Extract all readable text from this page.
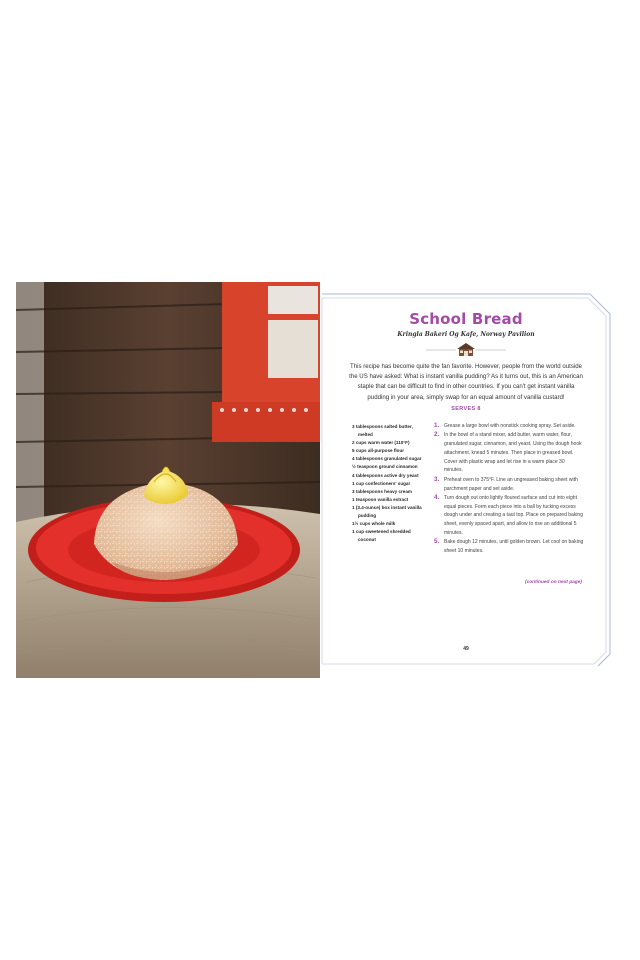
School Bread
Kringla Bakeri Og Kafe, Norway Pavilion
This recipe has become quite the fan favorite. However, people from the world outside the US have asked: What is instant vanilla pudding? As it turns out, this is an American staple that can be difficult to find in other countries. If you can't get instant vanilla pudding in your area, simply swap for an equal amount of vanilla custard!
SERVES 8
3 tablespoons salted butter, melted
2 cups warm water (110°F)
5 cups all-purpose flour
4 tablespoons granulated sugar
½ teaspoon ground cinnamon
4 tablespoons active dry yeast
1 cup confectioners' sugar
3 tablespoons heavy cream
1 teaspoon vanilla extract
1 (3.4-ounce) box instant vanilla pudding
1½ cups whole milk
1 cup sweetened shredded coconut
1. Grease a large bowl with nonstick cooking spray. Set aside.
2. In the bowl of a stand mixer, add butter, warm water, flour, granulated sugar, cinnamon, and yeast. Using the dough hook attachment, knead 5 minutes. Then place in greased bowl. Cover with plastic wrap and let rise in a warm place 30 minutes.
3. Preheat oven to 375°F. Line an ungreased baking sheet with parchment paper and set aside.
4. Turn dough out onto lightly floured surface and cut into eight equal pieces. Form each piece into a ball by tucking excess dough under and creating a taut top. Place on prepared baking sheet, evenly spaced apart, and allow to rise an additional 5 minutes.
5. Bake dough 12 minutes, until golden brown. Let cool on baking sheet 10 minutes.
(continued on next page)
49
